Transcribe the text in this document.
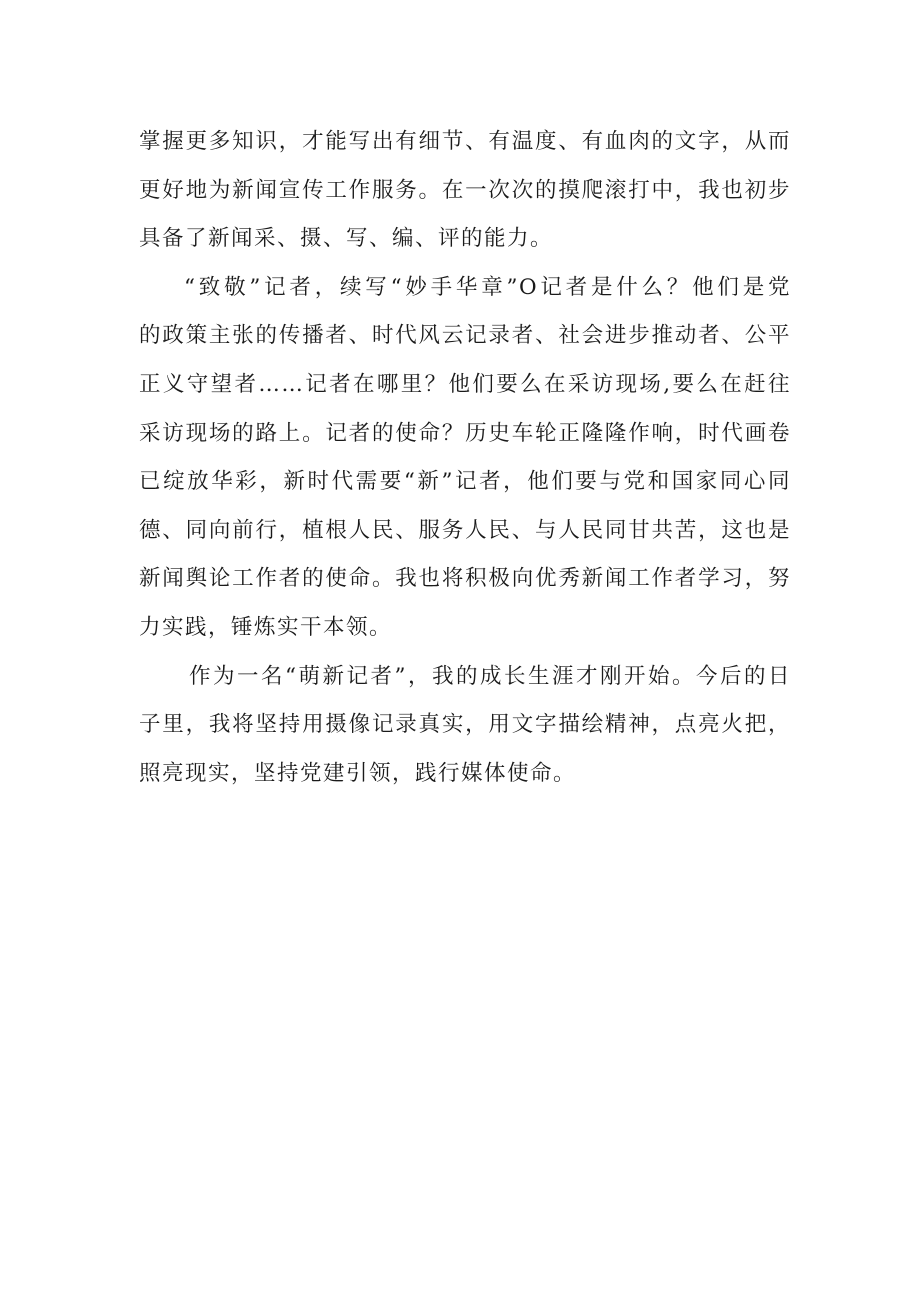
掌握更多知识，才能写出有细节、有温度、有血肉的文字，从而
更好地为新闻宣传工作服务。在一次次的摸爬滚打中，我也初步
具备了新闻采、摄、写、编、评的能力。
“致敬”记者，续写“妙手华章”O记者是什么？他们是党
的政策主张的传播者、时代风云记录者、社会进步推动者、公平
正义守望者……记者在哪里？他们要么在采访现场,要么在赶往
采访现场的路上。记者的使命？历史车轮正隆隆作响，时代画卷
已绽放华彩，新时代需要“新”记者，他们要与党和国家同心同
德、同向前行，植根人民、服务人民、与人民同甘共苦，这也是
新闻舆论工作者的使命。我也将积极向优秀新闻工作者学习，努
力实践，锤炼实干本领。
作为一名“萌新记者”，我的成长生涯才刚开始。今后的日
子里，我将坚持用摄像记录真实，用文字描绘精神，点亮火把，
照亮现实，坚持党建引领，践行媒体使命。
